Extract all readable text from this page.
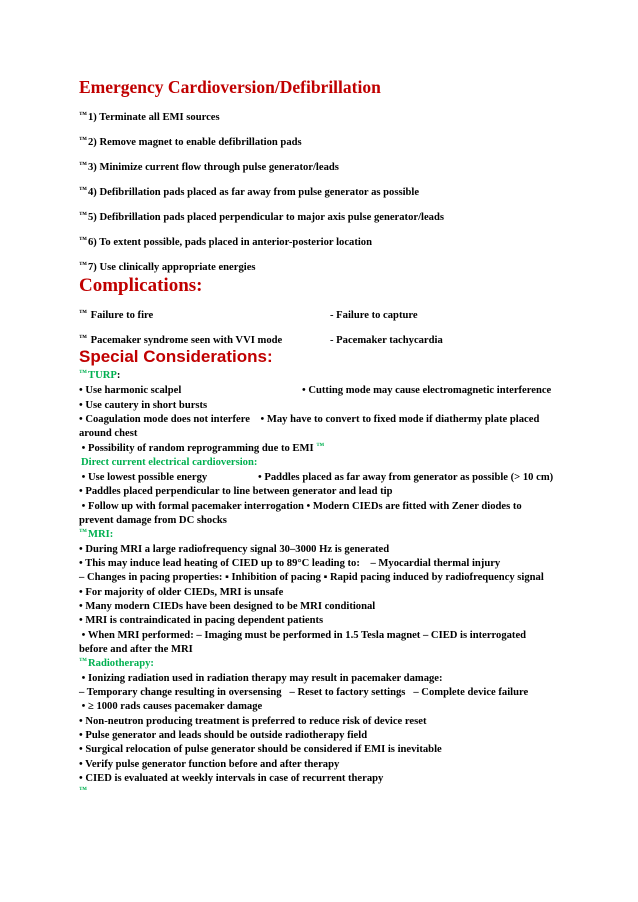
Emergency Cardioversion/Defibrillation
™1) Terminate all EMI sources
™2) Remove magnet to enable defibrillation pads
™3) Minimize current flow through pulse generator/leads
™4) Defibrillation pads placed as far away from pulse generator as possible
™5) Defibrillation pads placed perpendicular to major axis pulse generator/leads
™6) To extent possible, pads placed in anterior-posterior location
™7) Use clinically appropriate energies
Complications:
™ Failure to fire	- Failure to capture
™ Pacemaker syndrome seen with VVI mode	- Pacemaker tachycardia
Special Considerations:
™TURP:
• Use harmonic scalpel	• Cutting mode may cause electromagnetic interference
• Use cautery in short bursts
• Coagulation mode does not interfere    • May have to convert to fixed mode if diathermy plate placed
around chest
• Possibility of random reprogramming due to EMI ™
Direct current electrical cardioversion:
• Use lowest possible energy	• Paddles placed as far away from generator as possible (> 10 cm)
• Paddles placed perpendicular to line between generator and lead tip
• Follow up with formal pacemaker interrogation • Modern CIEDs are fitted with Zener diodes to
prevent damage from DC shocks
™MRI:
• During MRI a large radiofrequency signal 30–3000 Hz is generated
• This may induce lead heating of CIED up to 89°C leading to:    – Myocardial thermal injury
– Changes in pacing properties: ▪ Inhibition of pacing ▪ Rapid pacing induced by radiofrequency signal
• For majority of older CIEDs, MRI is unsafe
• Many modern CIEDs have been designed to be MRI conditional
• MRI is contraindicated in pacing dependent patients
• When MRI performed: – Imaging must be performed in 1.5 Tesla magnet – CIED is interrogated
before and after the MRI
™Radiotherapy:
• Ionizing radiation used in radiation therapy may result in pacemaker damage:
– Temporary change resulting in oversensing   – Reset to factory settings   – Complete device failure
• ≥ 1000 rads causes pacemaker damage
• Non-neutron producing treatment is preferred to reduce risk of device reset
• Pulse generator and leads should be outside radiotherapy field
• Surgical relocation of pulse generator should be considered if EMI is inevitable
• Verify pulse generator function before and after therapy
• CIED is evaluated at weekly intervals in case of recurrent therapy
™
